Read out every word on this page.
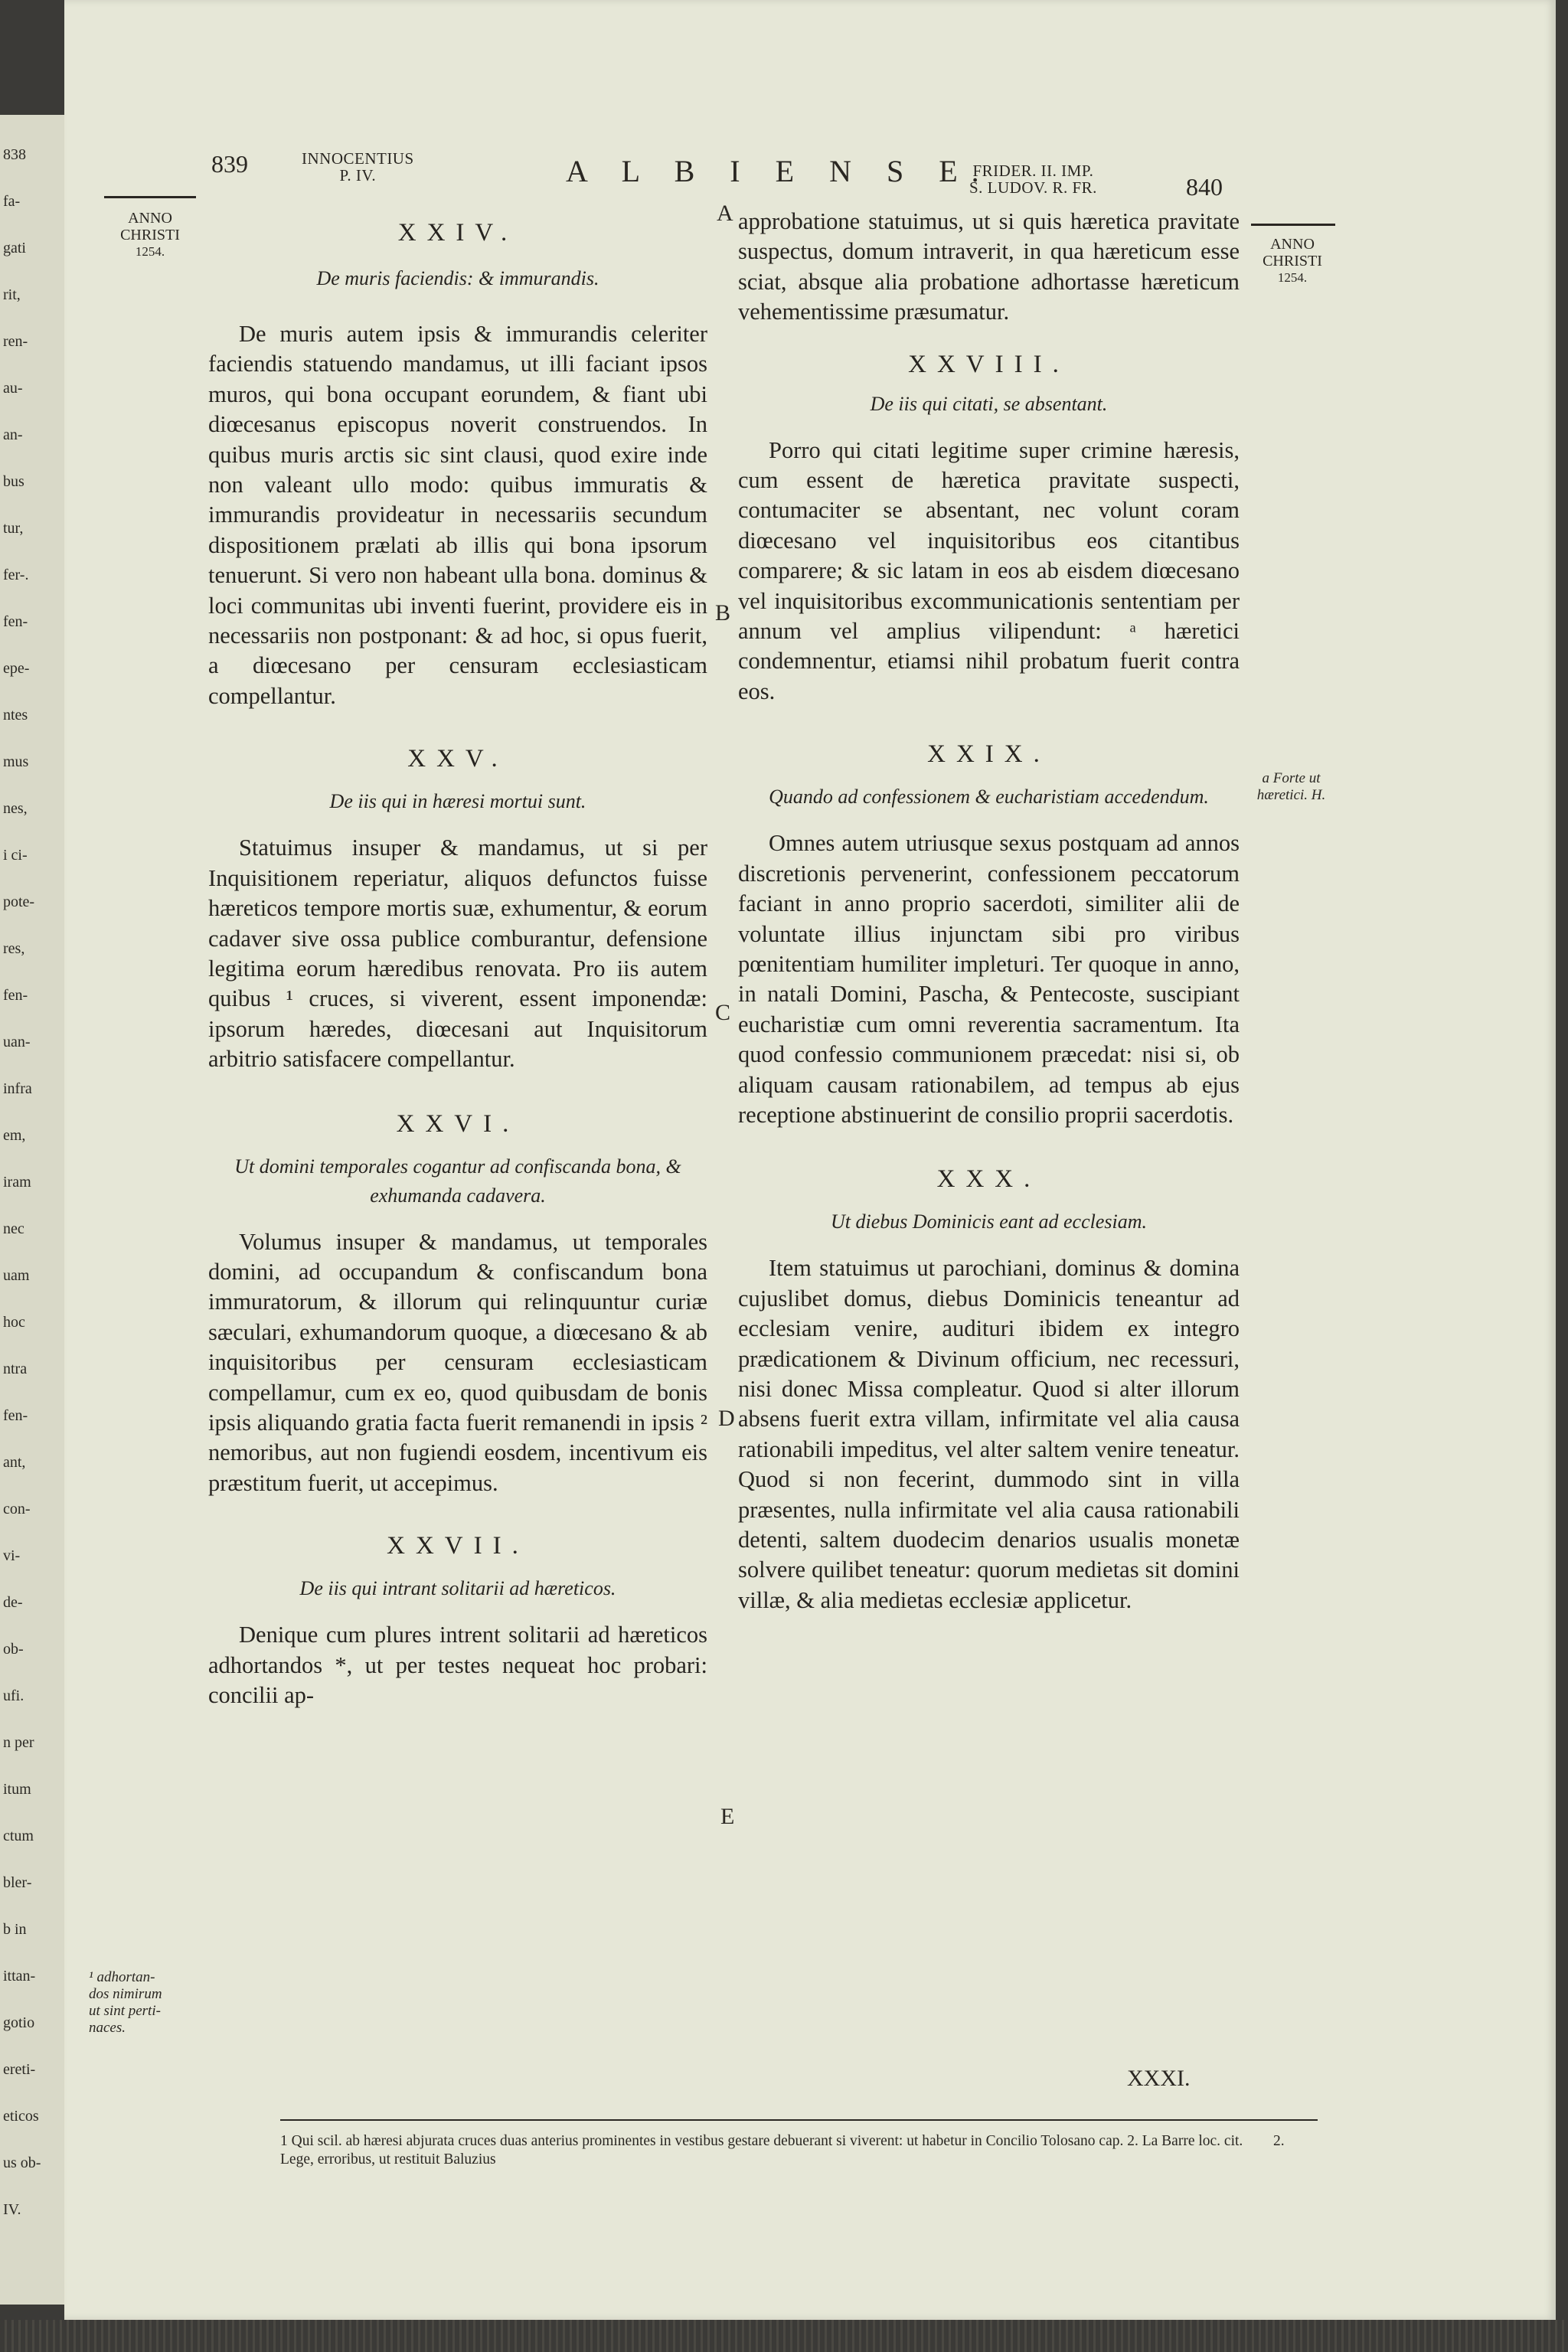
838
fa-
gati
rit,
ren-
au-
an-
bus
tur,
fer-.
fen-
epe-
ntes
mus
nes,
i ci-
pote-
res,
fen-
uan-
infra
em,
iram
nec
uam
hoc
ntra
fen-
ant,
con-
vi-
de-
ob-
ufi.
n per
itum
ctum
bler-
b in
ittan-
gotio
ereti-
eticos
us ob-
IV.
839	INNOCENTIUS
P. IV.	A L B I E N S E.
FRIDER. II. IMP.
S. LUDOV. R. FR.	840
ANNO
CHRISTI
1254.	ANNO
CHRISTI
1254.
A
B
C
D
E
¹ adhortan-dos nimirum ut sint perti-naces.
a Forte ut hæretici. H.

XXIV.

De muris faciendis: & immurandis.

De muris autem ipsis & immurandis celeriter faciendis statuendo mandamus, ut illi faciant ipsos muros, qui bona occupant eorundem, & fiant ubi diœcesanus episcopus noverit construendos. In quibus muris arctis sic sint clausi, quod exire inde non valeant ullo modo: quibus immuratis & immurandis provideatur in necessariis secundum dispositionem prælati ab illis qui bona ipsorum tenuerunt. Si vero non habeant ulla bona. dominus & loci communitas ubi inventi fuerint, providere eis in necessariis non postponant: & ad hoc, si opus fuerit, a diœcesano per censuram ecclesiasticam compellantur.

XXV.

De iis qui in hæresi mortui sunt.

Statuimus insuper & mandamus, ut si per Inquisitionem reperiatur, aliquos defunctos fuisse hæreticos tempore mortis suæ, exhumentur, & eorum cadaver sive ossa publice comburantur, defensione legitima eorum hæredibus renovata. Pro iis autem quibus ¹ cruces, si viverent, essent imponendæ: ipsorum hæredes, diœcesani aut Inquisitorum arbitrio satisfacere compellantur.

XXVI.

Ut domini temporales cogantur ad confiscanda bona, & exhumanda cadavera.

Volumus insuper & mandamus, ut temporales domini, ad occupandum & confiscandum bona immuratorum, & illorum qui relinquuntur curiæ sæculari, exhumandorum quoque, a diœcesano & ab inquisitoribus per censuram ecclesiasticam compellamur, cum ex eo, quod quibusdam de bonis ipsis aliquando gratia facta fuerit remanendi in ipsis ² nemoribus, aut non fugiendi eosdem, incentivum eis præstitum fuerit, ut accepimus.

XXVII.

De iis qui intrant solitarii ad hæreticos.

Denique cum plures intrent solitarii ad hæreticos adhortandos *, ut per testes nequeat hoc probari: concilii ap-

approbatione statuimus, ut si quis hæretica pravitate suspectus, domum intraverit, in qua hæreticum esse sciat, absque alia probatione adhortasse hæreticum vehementissime præsumatur.

XXVIII.

De iis qui citati, se absentant.

Porro qui citati legitime super crimine hæresis, cum essent de hæretica pravitate suspecti, contumaciter se absentant, nec volunt coram diœcesano vel inquisitoribus eos citantibus comparere; & sic latam in eos ab eisdem diœcesano vel inquisitoribus excommunicationis sententiam per annum vel amplius vilipendunt: ᵃ hæretici condemnentur, etiamsi nihil probatum fuerit contra eos.

XXIX.

Quando ad confessionem & eucharistiam accedendum.

Omnes autem utriusque sexus postquam ad annos discretionis pervenerint, confessionem peccatorum faciant in anno proprio sacerdoti, similiter alii de voluntate illius injunctam sibi pro viribus pœnitentiam humiliter impleturi. Ter quoque in anno, in natali Domini, Pascha, & Pentecoste, suscipiant eucharistiæ cum omni reverentia sacramentum. Ita quod confessio communionem præcedat: nisi si, ob aliquam causam rationabilem, ad tempus ab ejus receptione abstinuerint de consilio proprii sacerdotis.

XXX.

Ut diebus Dominicis eant ad ecclesiam.

Item statuimus ut parochiani, dominus & domina cujuslibet domus, diebus Dominicis teneantur ad ecclesiam venire, audituri ibidem ex integro prædicationem & Divinum officium, nec recessuri, nisi donec Missa compleatur. Quod si alter illorum absens fuerit extra villam, infirmitate vel alia causa rationabili impeditus, vel alter saltem venire teneatur. Quod si non fecerint, dummodo sint in villa præsentes, nulla infirmitate vel alia causa rationabili detenti, saltem duodecim denarios usualis monetæ solvere quilibet teneatur: quorum medietas sit domini villæ, & alia medietas ecclesiæ applicetur.

XXXI.
1 Qui scil. ab hæresi abjurata cruces duas anterius prominentes in vestibus gestare debuerant si viverent: ut habetur in Concilio Tolosano cap. 2. La Barre loc. cit. 2. Lege, erroribus, ut restituit Baluzius
